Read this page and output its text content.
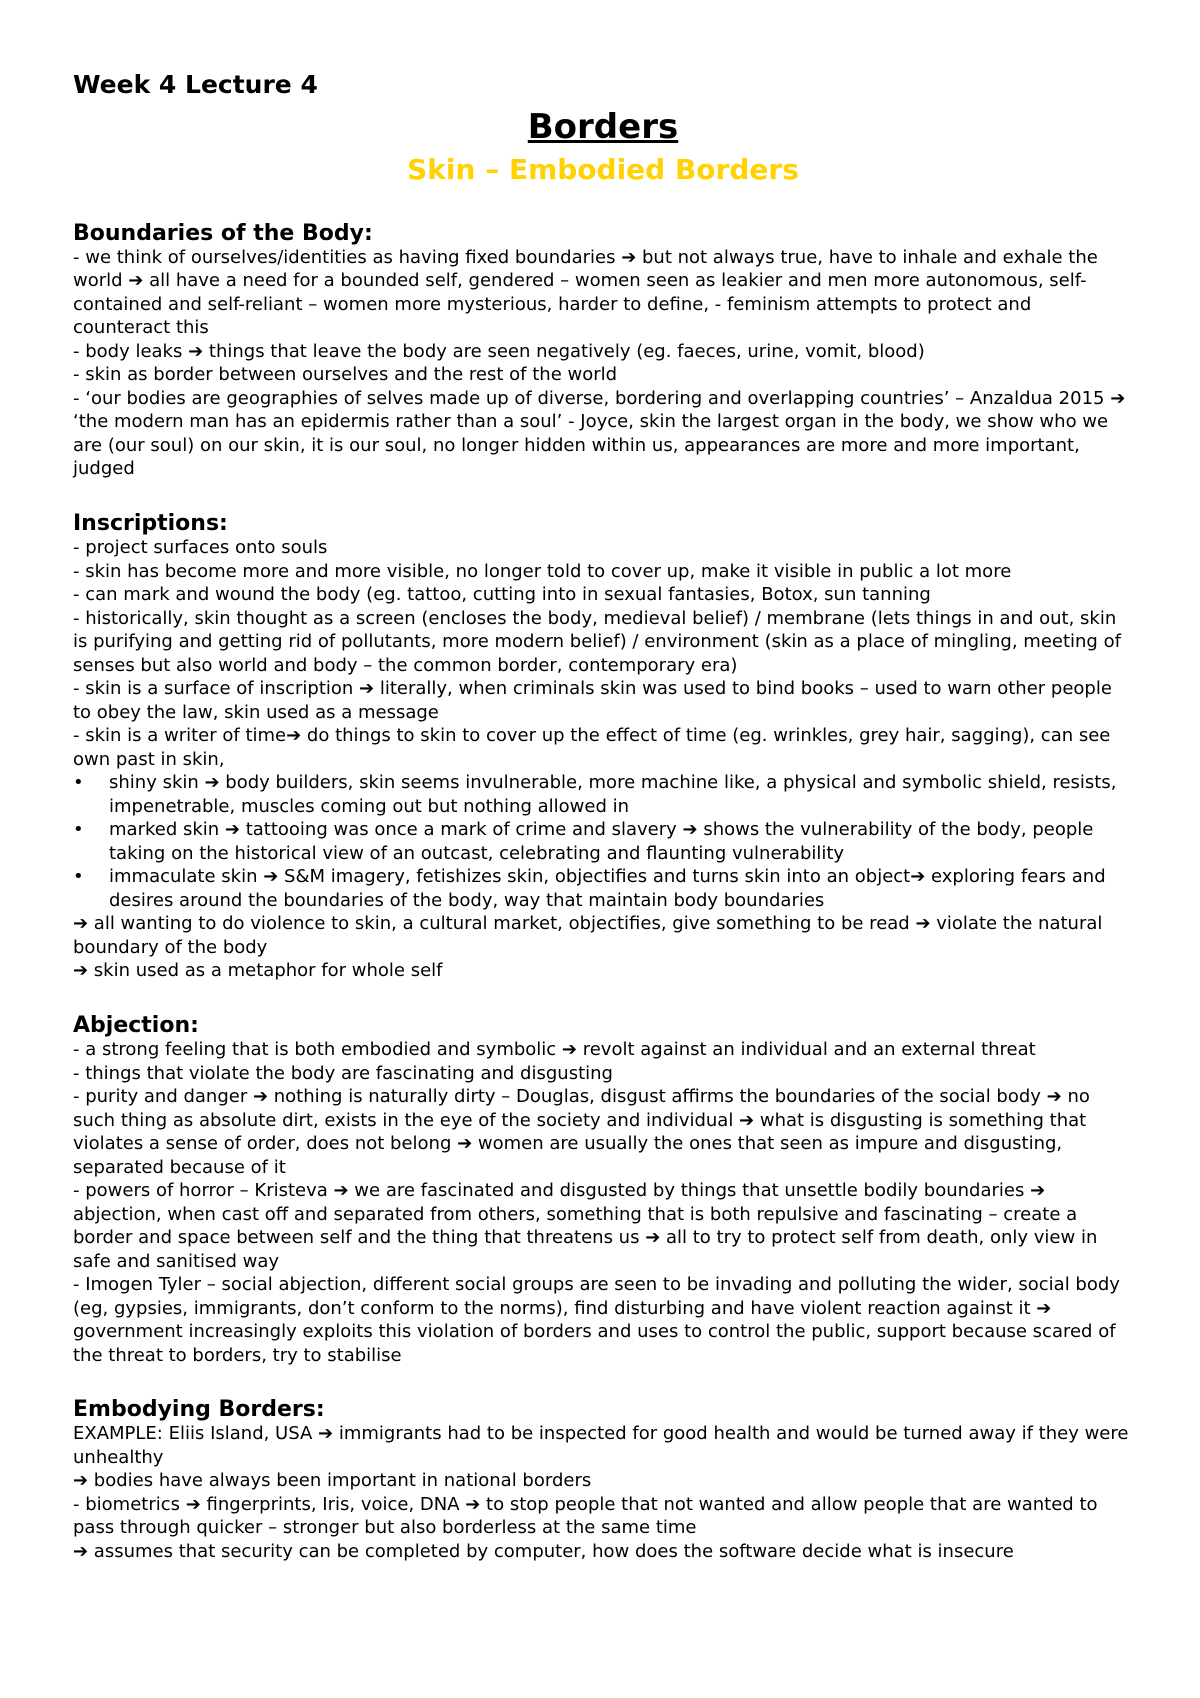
Week 4 Lecture 4
Borders
Skin – Embodied Borders
Boundaries of the Body:

- we think of ourselves/identities as having fixed boundaries ➔ but not always true, have to inhale and exhale the world ➔ all have a need for a bounded self, gendered – women seen as leakier and men more autonomous, self-contained and self-reliant – women more mysterious, harder to define, - feminism attempts to protect and counteract this

- body leaks ➔ things that leave the body are seen negatively (eg. faeces, urine, vomit, blood)

- skin as border between ourselves and the rest of the world

- ‘our bodies are geographies of selves made up of diverse, bordering and overlapping countries’ – Anzaldua 2015 ➔ ‘the modern man has an epidermis rather than a soul’ - Joyce, skin the largest organ in the body, we show who we are (our soul) on our skin, it is our soul, no longer hidden within us, appearances are more and more important, judged

Inscriptions:

- project surfaces onto souls

- skin has become more and more visible, no longer told to cover up, make it visible in public a lot more

- can mark and wound the body (eg. tattoo, cutting into in sexual fantasies, Botox, sun tanning

- historically, skin thought as a screen (encloses the body, medieval belief) / membrane (lets things in and out, skin is purifying and getting rid of pollutants, more modern belief) / environment (skin as a place of mingling, meeting of senses but also world and body – the common border, contemporary era)

- skin is a surface of inscription ➔ literally, when criminals skin was used to bind books – used to warn other people to obey the law, skin used as a message

- skin is a writer of time➔ do things to skin to cover up the effect of time (eg. wrinkles, grey hair, sagging), can see own past in skin,

• shiny skin ➔ body builders, skin seems invulnerable, more machine like, a physical and symbolic shield, resists, impenetrable, muscles coming out but nothing allowed in
• marked skin ➔ tattooing was once a mark of crime and slavery ➔ shows the vulnerability of the body, people taking on the historical view of an outcast, celebrating and flaunting vulnerability
• immaculate skin ➔ S&M imagery, fetishizes skin, objectifies and turns skin into an object➔ exploring fears and desires around the boundaries of the body, way that maintain body boundaries

➔ all wanting to do violence to skin, a cultural market, objectifies, give something to be read ➔ violate the natural boundary of the body

➔ skin used as a metaphor for whole self

Abjection:

- a strong feeling that is both embodied and symbolic ➔ revolt against an individual and an external threat

- things that violate the body are fascinating and disgusting

- purity and danger ➔ nothing is naturally dirty – Douglas, disgust affirms the boundaries of the social body ➔ no such thing as absolute dirt, exists in the eye of the society and individual ➔ what is disgusting is something that violates a sense of order, does not belong ➔ women are usually the ones that seen as impure and disgusting, separated because of it

- powers of horror – Kristeva ➔ we are fascinated and disgusted by things that unsettle bodily boundaries ➔ abjection, when cast off and separated from others, something that is both repulsive and fascinating – create a border and space between self and the thing that threatens us ➔ all to try to protect self from death, only view in safe and sanitised way

- Imogen Tyler – social abjection, different social groups are seen to be invading and polluting the wider, social body (eg, gypsies, immigrants, don’t conform to the norms), find disturbing and have violent reaction against it ➔ government increasingly exploits this violation of borders and uses to control the public, support because scared of the threat to borders, try to stabilise

Embodying Borders:

EXAMPLE: Eliis Island, USA ➔ immigrants had to be inspected for good health and would be turned away if they were unhealthy

➔ bodies have always been important in national borders

- biometrics ➔ fingerprints, Iris, voice, DNA ➔ to stop people that not wanted and allow people that are wanted to pass through quicker – stronger but also borderless at the same time

➔ assumes that security can be completed by computer, how does the software decide what is insecure
